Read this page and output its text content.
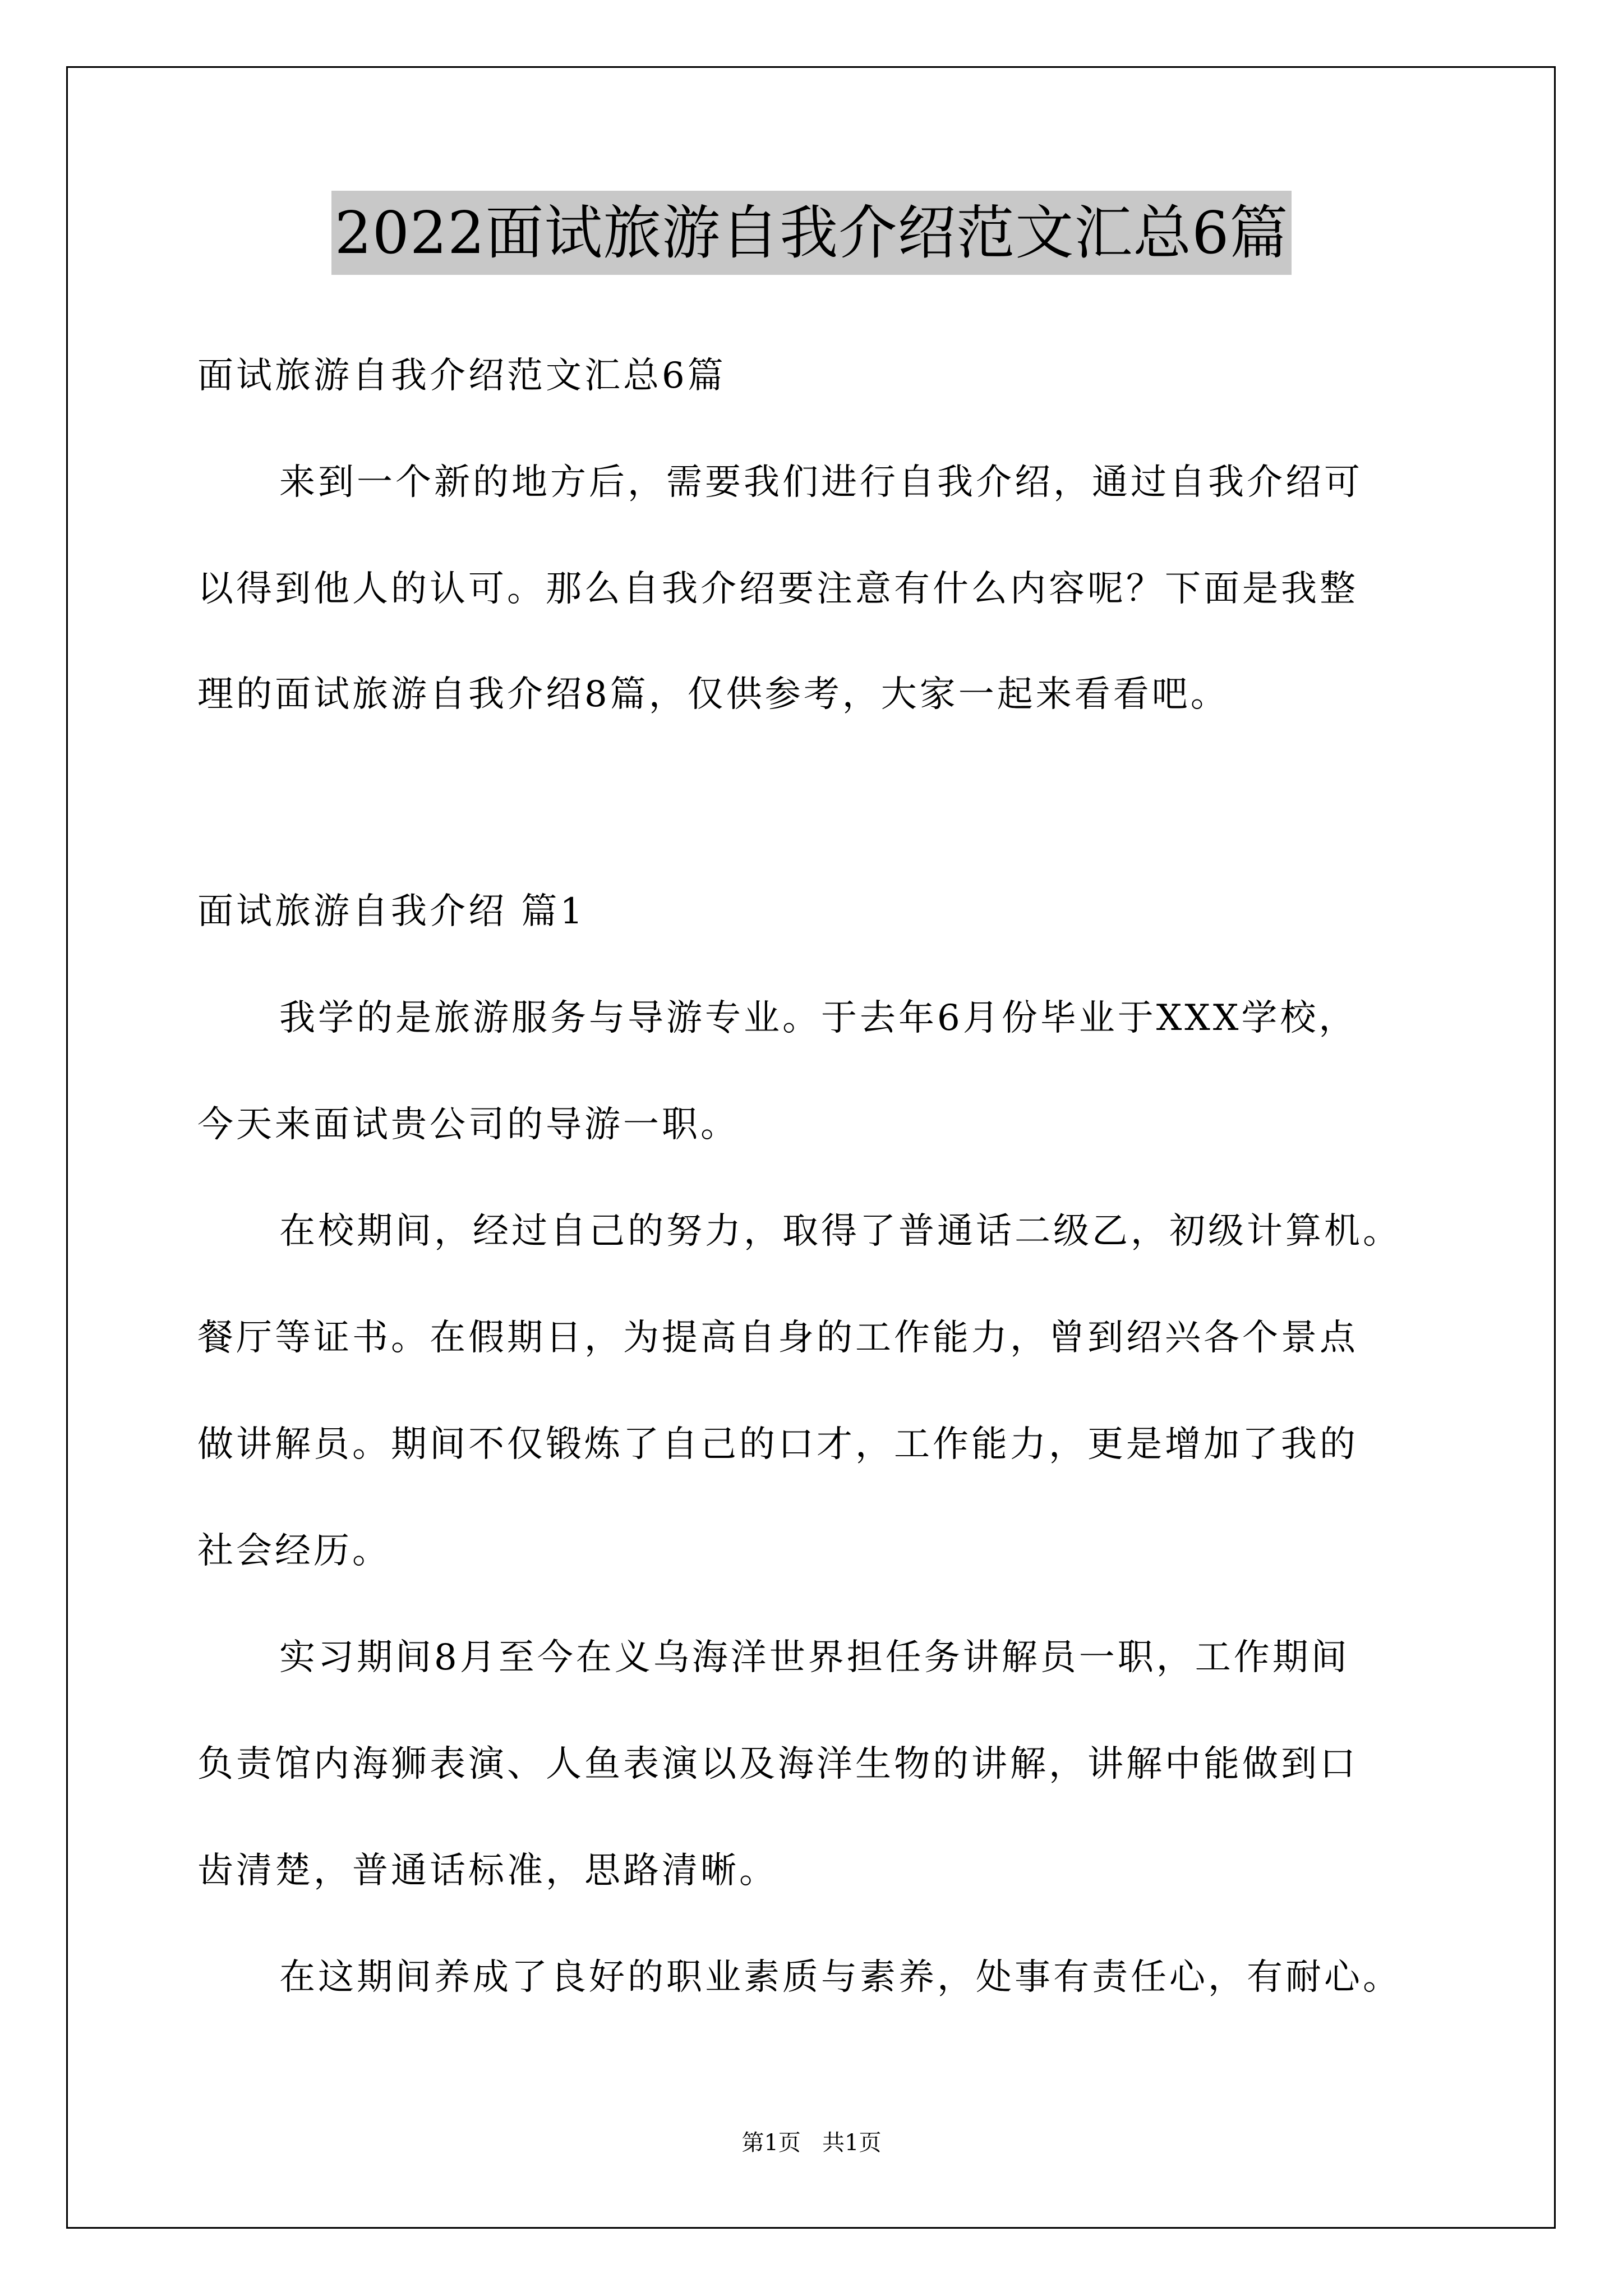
2022面试旅游自我介绍范文汇总6篇
面试旅游自我介绍范文汇总6篇
来到一个新的地方后，需要我们进行自我介绍，通过自我介绍可
以得到他人的认可。那么自我介绍要注意有什么内容呢？下面是我整
理的面试旅游自我介绍8篇，仅供参考，大家一起来看看吧。
面试旅游自我介绍 篇1
我学的是旅游服务与导游专业。于去年6月份毕业于XXX学校，
今天来面试贵公司的导游一职。
在校期间，经过自己的努力，取得了普通话二级乙，初级计算机。
餐厅等证书。在假期日，为提高自身的工作能力，曾到绍兴各个景点
做讲解员。期间不仅锻炼了自己的口才，工作能力，更是增加了我的
社会经历。
实习期间8月至今在义乌海洋世界担任务讲解员一职，工作期间
负责馆内海狮表演、人鱼表演以及海洋生物的讲解，讲解中能做到口
齿清楚，普通话标准，思路清晰。
在这期间养成了良好的职业素质与素养，处事有责任心，有耐心。
第1页   共1页
